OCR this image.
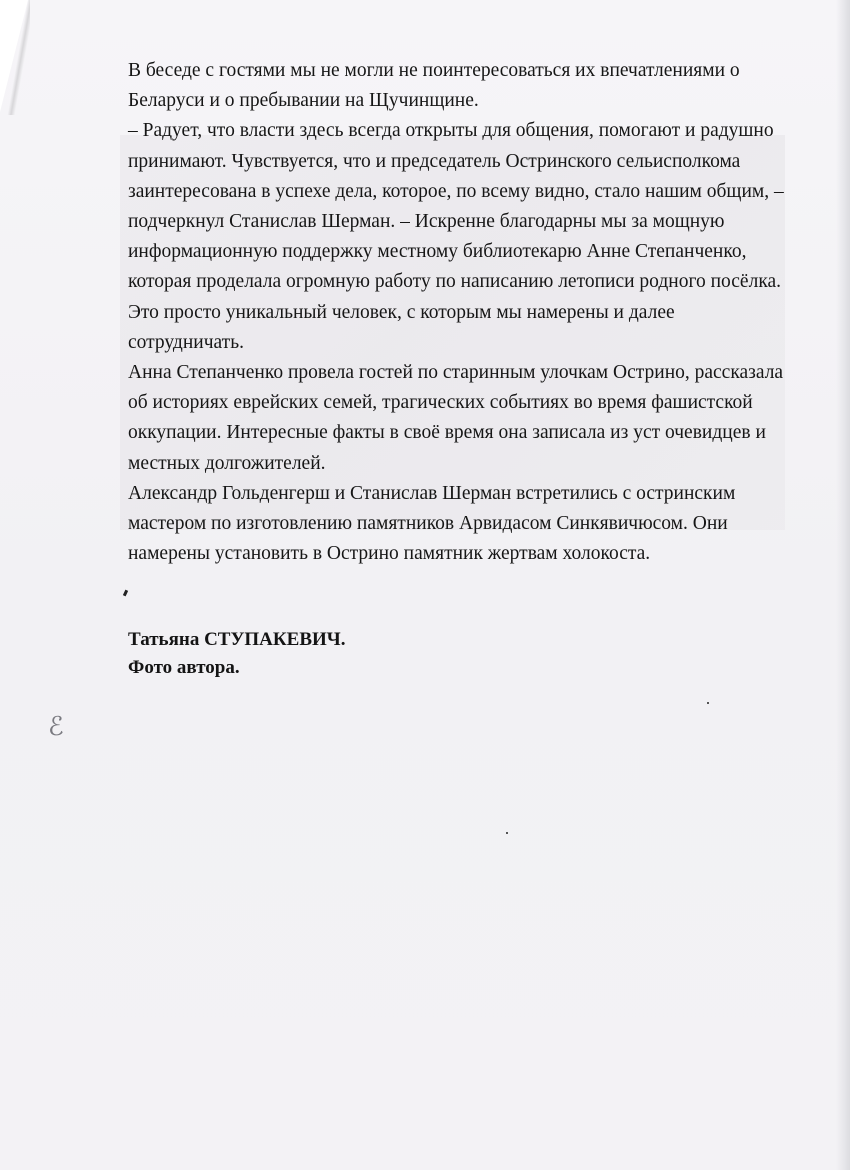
В беседе с гостями мы не могли не поинтересоваться их впечатлениями о Беларуси и о пребывании на Щучинщине.

– Радует, что власти здесь всегда открыты для общения, помогают и радушно принимают. Чувствуется, что и председатель Остринского сельисполкома заинтересована в успехе дела, которое, по всему видно, стало нашим общим, – подчеркнул Станислав Шерман. – Искренне благодарны мы за мощную информационную поддержку местному библиотекарю Анне Степанченко, которая проделала огромную работу по написанию летописи родного посёлка. Это просто уникальный человек, с которым мы намерены и далее сотрудничать.

Анна Степанченко провела гостей по старинным улочкам Острино, рассказала об историях еврейских семей, трагических событиях во время фашистской оккупации. Интересные факты в своё время она записала из уст очевидцев и местных долгожителей.

Александр Гольденгерш и Станислав Шерман встретились с остринским мастером по изготовлению памятников Арвидасом Синкявичюсом. Они намерены установить в Острино памятник жертвам холокоста.

Татьяна СТУПАКЕВИЧ.
Фото автора.
ℰ
